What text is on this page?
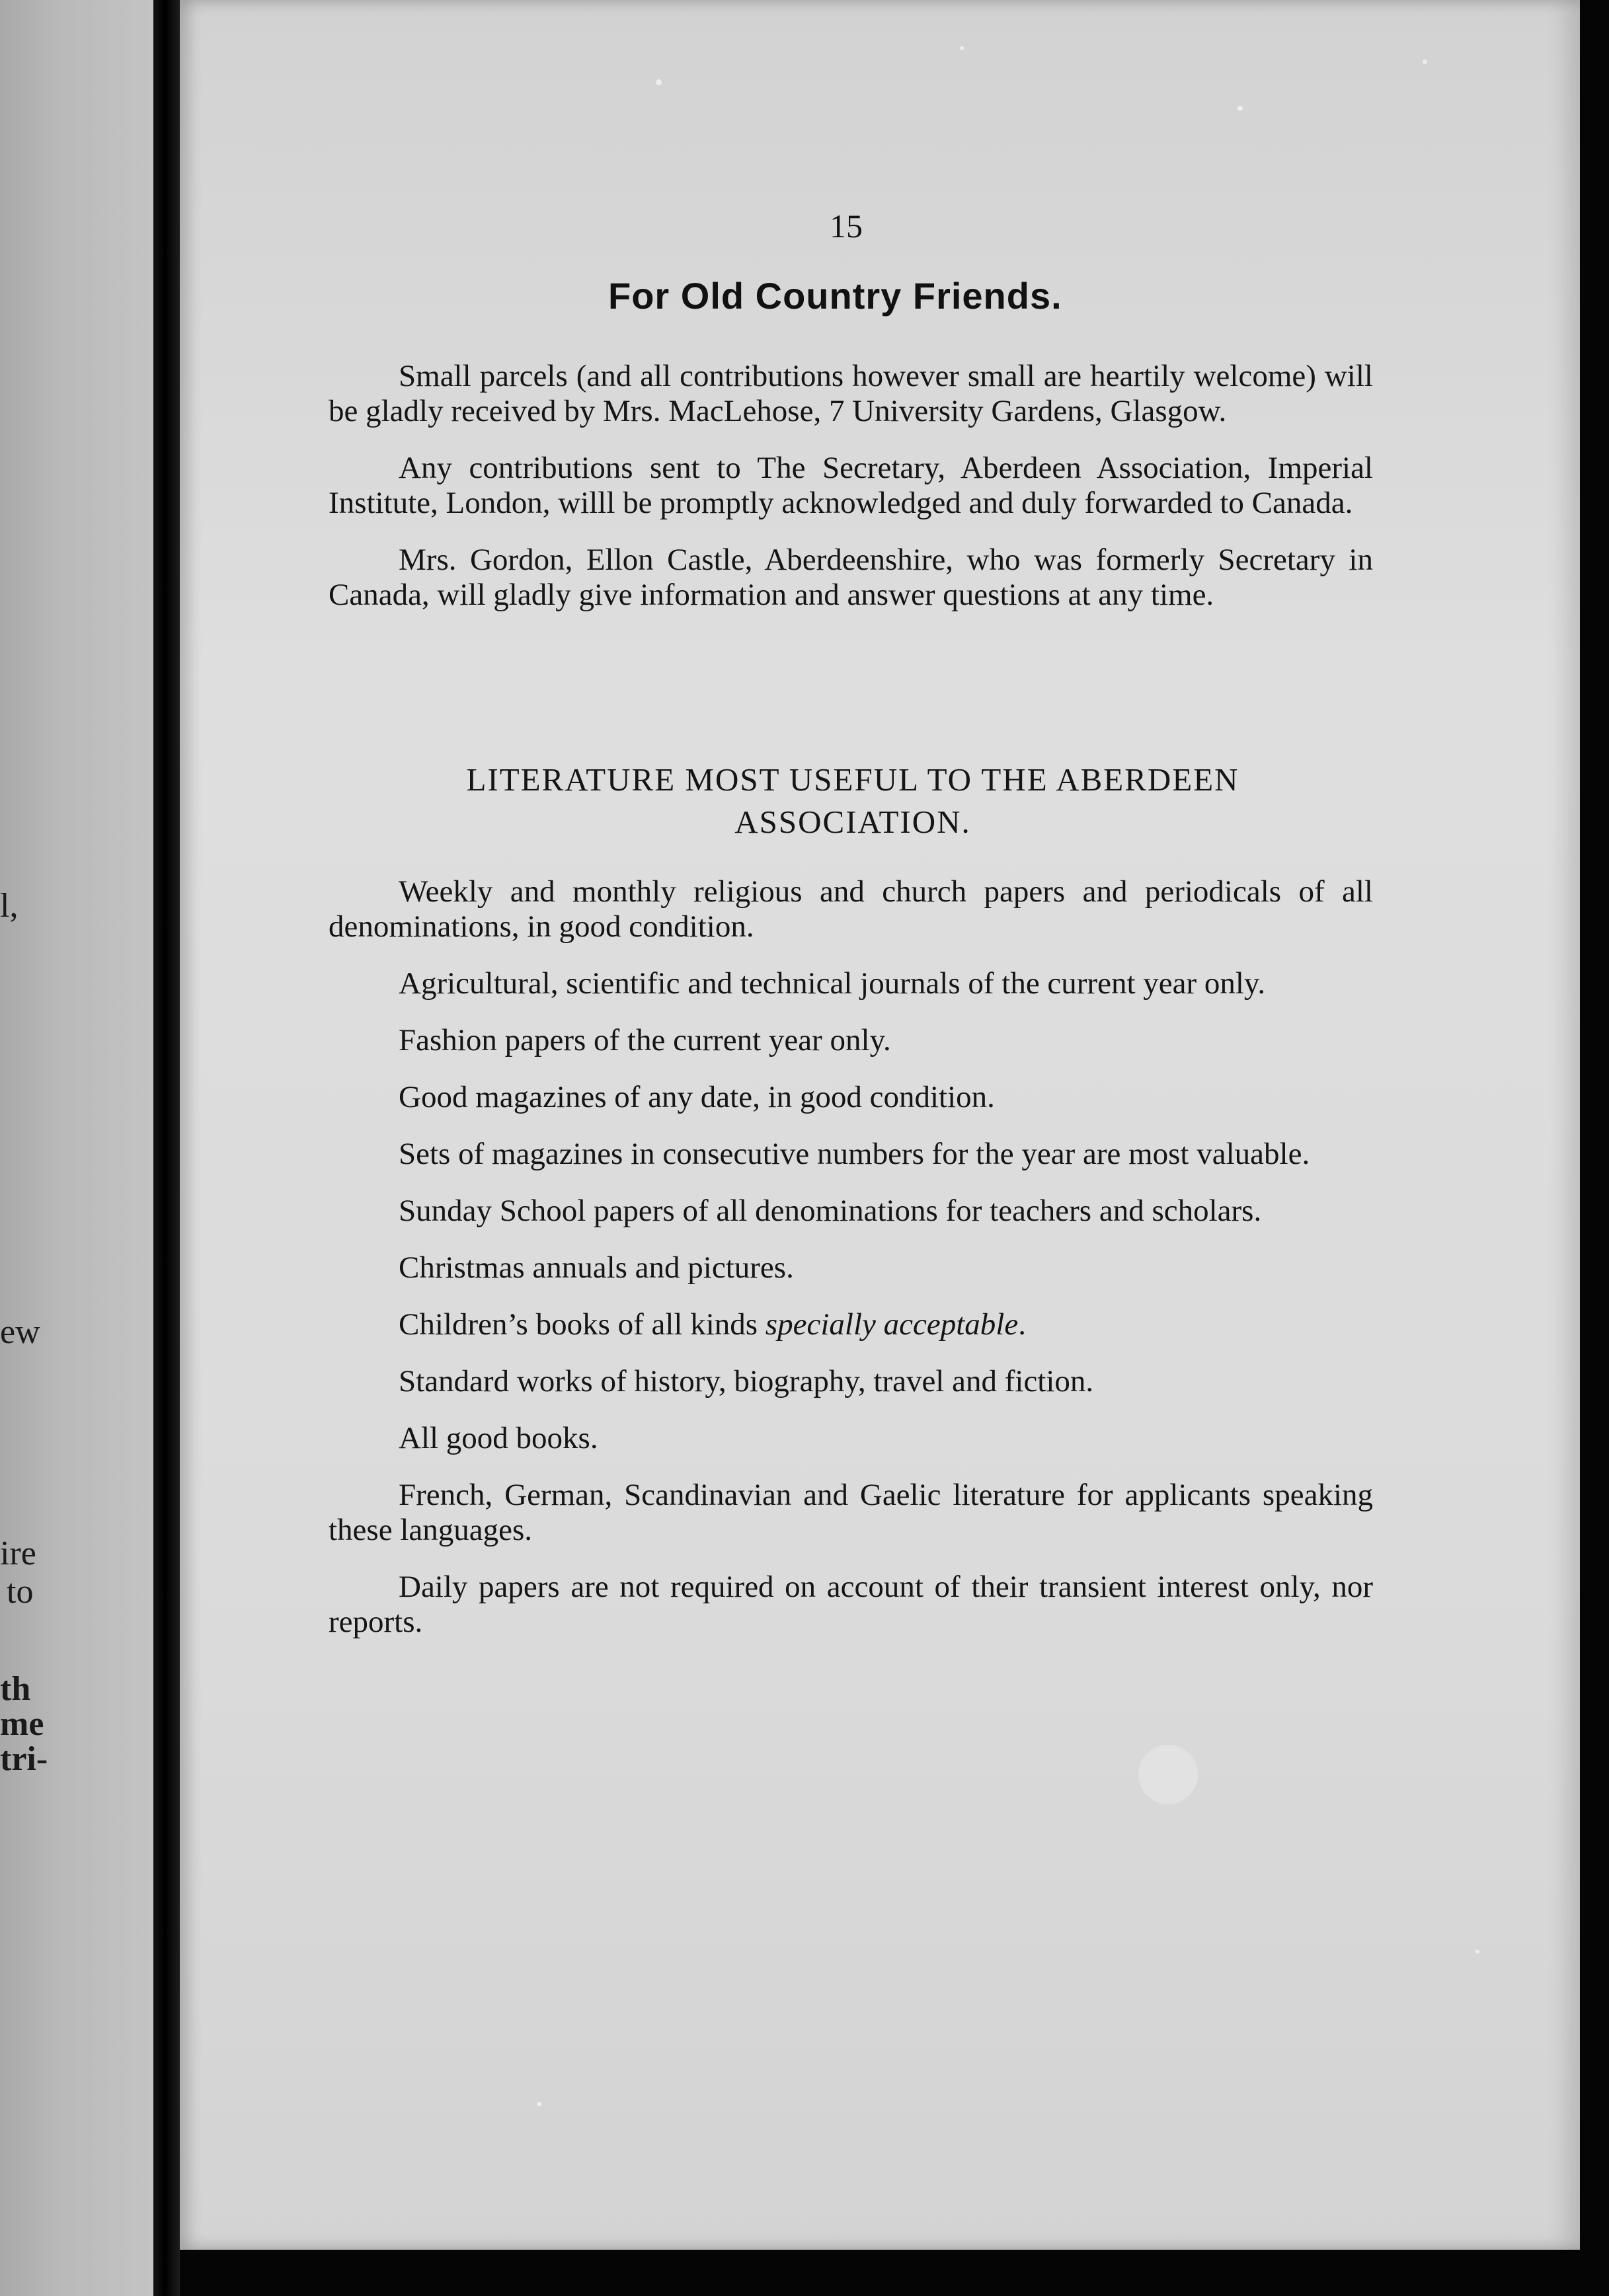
l,
ew
ire
to
th
me
tri-
15
For Old Country Friends.

Small parcels (and all contributions however small are heartily welcome) will be gladly received by Mrs. MacLehose, 7 University Gardens, Glasgow.

Any contributions sent to The Secretary, Aberdeen Association, Imperial Institute, London, willl be promptly acknowledged and duly forwarded to Canada.

Mrs. Gordon, Ellon Castle, Aberdeenshire, who was formerly Secretary in Canada, will gladly give information and answer questions at any time.

LITERATURE MOST USEFUL TO THE ABERDEEN ASSOCIATION.

Weekly and monthly religious and church papers and periodicals of all denominations, in good condition.

Agricultural, scientific and technical journals of the current year only.

Fashion papers of the current year only.

Good magazines of any date, in good condition.

Sets of magazines in consecutive numbers for the year are most valuable.

Sunday School papers of all denominations for teachers and scholars.

Christmas annuals and pictures.

Children’s books of all kinds specially acceptable.

Standard works of history, biography, travel and fiction.

All good books.

French, German, Scandinavian and Gaelic literature for applicants speaking these languages.

Daily papers are not required on account of their transient interest only, nor reports.
